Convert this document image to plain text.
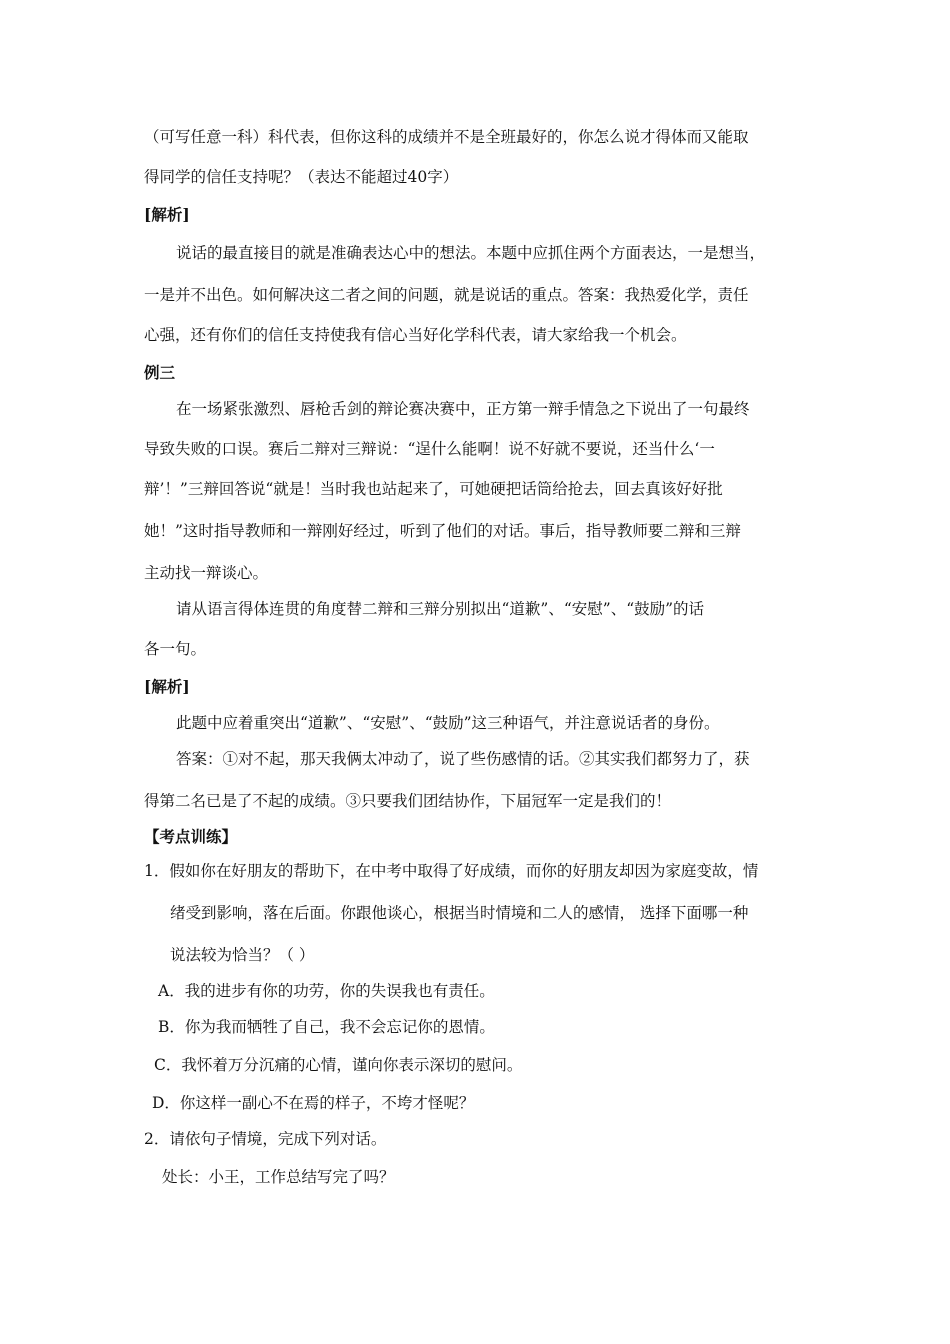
（可写任意一科）科代表，但你这科的成绩并不是全班最好的，你怎么说才得体而又能取
得同学的信任支持呢？（表达不能超过40字）
[解析]
说话的最直接目的就是准确表达心中的想法。本题中应抓住两个方面表达，一是想当，
一是并不出色。如何解决这二者之间的问题，就是说话的重点。答案：我热爱化学，责任
心强，还有你们的信任支持使我有信心当好化学科代表，请大家给我一个机会。
例三
在一场紧张激烈、唇枪舌剑的辩论赛决赛中，正方第一辩手情急之下说出了一句最终
导致失败的口误。赛后二辩对三辩说：“逞什么能啊！说不好就不要说，还当什么‘一
辩’！”三辩回答说“就是！当时我也站起来了，可她硬把话筒给抢去，回去真该好好批
她！”这时指导教师和一辩刚好经过，听到了他们的对话。事后，指导教师要二辩和三辩
主动找一辩谈心。
请从语言得体连贯的角度替二辩和三辩分别拟出“道歉”、“安慰”、“鼓励”的话
各一句。
[解析]
此题中应着重突出“道歉”、“安慰”、“鼓励”这三种语气，并注意说话者的身份。
答案：①对不起，那天我俩太冲动了，说了些伤感情的话。②其实我们都努力了，获
得第二名已是了不起的成绩。③只要我们团结协作，下届冠军一定是我们的！
【考点训练】
1．假如你在好朋友的帮助下，在中考中取得了好成绩，而你的好朋友却因为家庭变故，情
绪受到影响，落在后面。你跟他谈心，根据当时情境和二人的感情， 选择下面哪一种
说法较为恰当？（ ）
A．我的进步有你的功劳，你的失误我也有责任。
B．你为我而牺牲了自己，我不会忘记你的恩情。
C．我怀着万分沉痛的心情，谨向你表示深切的慰问。
D．你这样一副心不在焉的样子，不垮才怪呢？
2．请依句子情境，完成下列对话。
处长：小王，工作总结写完了吗？
